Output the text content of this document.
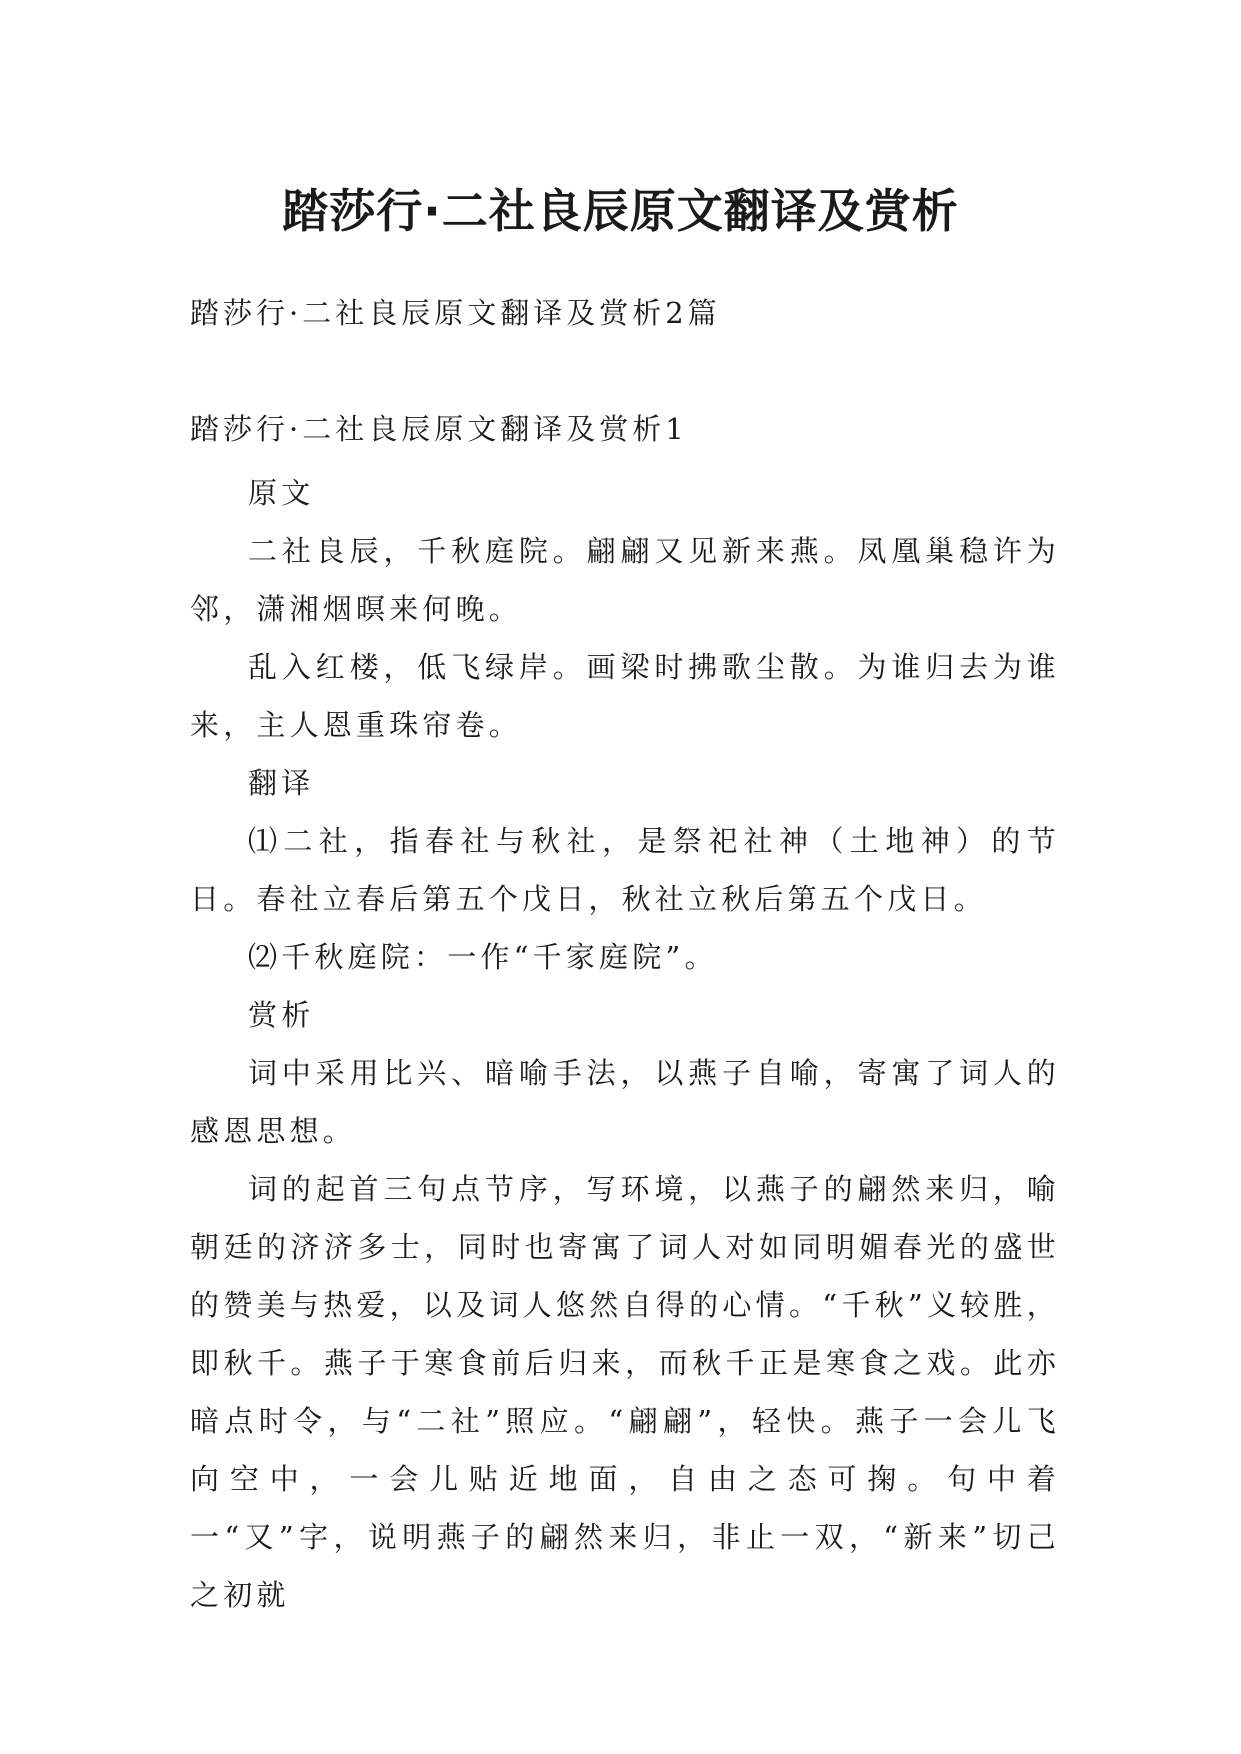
踏莎行·二社良辰原文翻译及赏析

踏莎行·二社良辰原文翻译及赏析2篇

踏莎行·二社良辰原文翻译及赏析1

原文

二社良辰，千秋庭院。翩翩又见新来燕。凤凰巢稳许为邻，潇湘烟暝来何晚。

乱入红楼，低飞绿岸。画梁时拂歌尘散。为谁归去为谁来，主人恩重珠帘卷。

翻译

⑴二社，指春社与秋社，是祭祀社神（土地神）的节日。春社立春后第五个戊日，秋社立秋后第五个戊日。

⑵千秋庭院：一作“千家庭院”。

赏析

词中采用比兴、暗喻手法，以燕子自喻，寄寓了词人的感恩思想。

词的起首三句点节序，写环境，以燕子的翩然来归，喻朝廷的济济多士，同时也寄寓了词人对如同明媚春光的盛世的赞美与热爱，以及词人悠然自得的心情。“千秋”义较胜，即秋千。燕子于寒食前后归来，而秋千正是寒食之戏。此亦暗点时令，与“二社”照应。“翩翩”，轻快。燕子一会儿飞向空中，一会儿贴近地面，自由之态可掬。句中着一“又”字，说明燕子的翩然来归，非止一双，“新来”切己之初就
